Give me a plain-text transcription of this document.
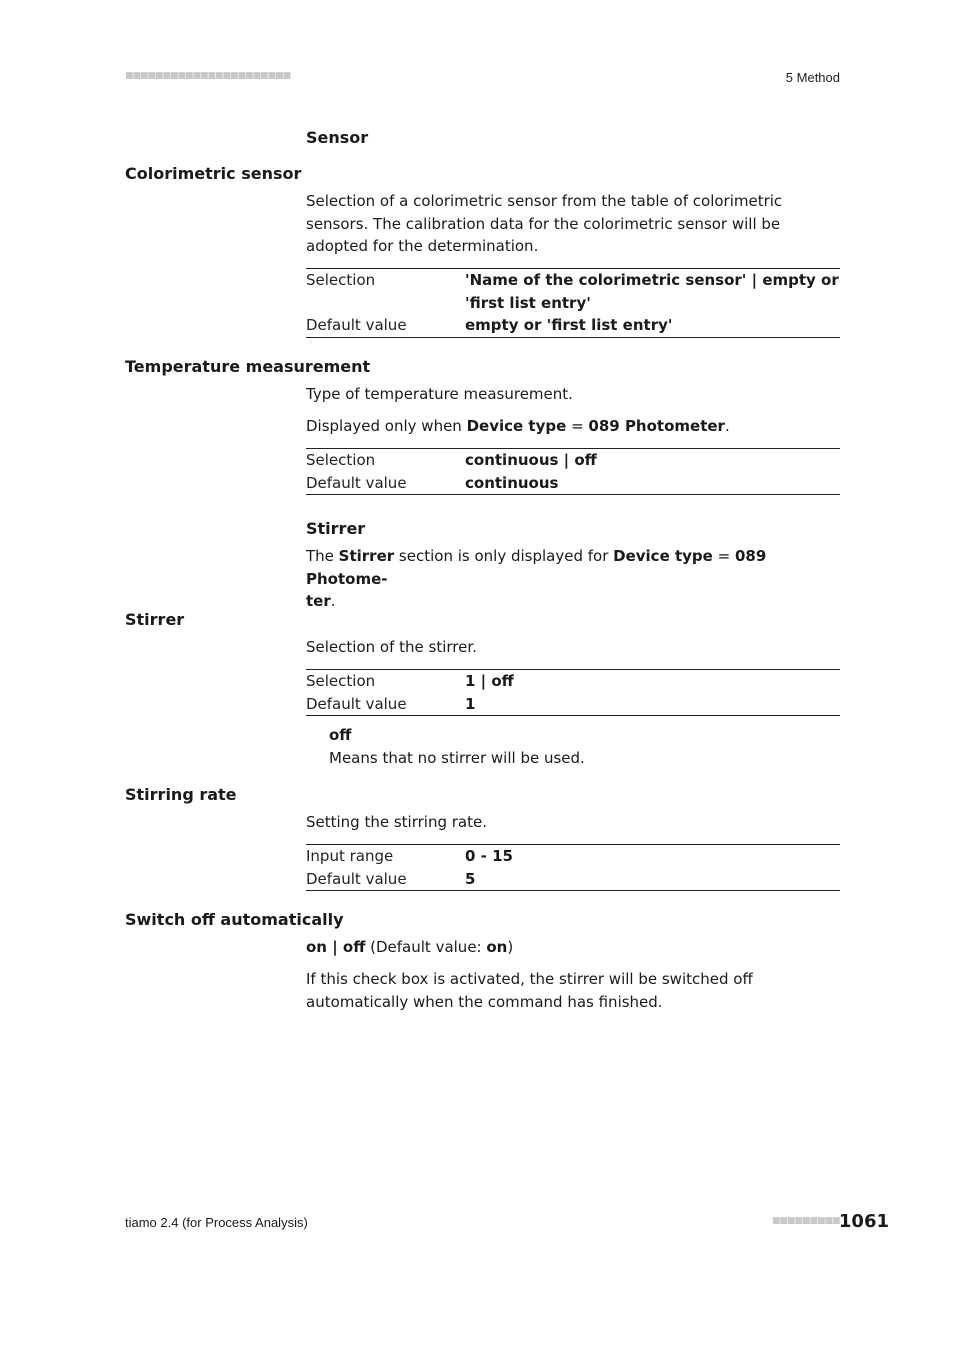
■■■■■■■■■■■■■■■■■■■■■■	5 Method
Sensor
Colorimetric sensor
Selection of a colorimetric sensor from the table of colorimetric sensors. The calibration data for the colorimetric sensor will be adopted for the determination.
Selection	'Name of the colorimetric sensor' | empty or
'first list entry'
Default value	empty or 'first list entry'
Temperature measurement
Type of temperature measurement.
Displayed only when Device type = 089 Photometer.
Selection	continuous | off
Default value	continuous
Stirrer
The Stirrer section is only displayed for Device type = 089 Photome-
ter.
Stirrer
Selection of the stirrer.
Selection	1 | off
Default value	1
off
Means that no stirrer will be used.
Stirring rate
Setting the stirring rate.
Input range	0 - 15
Default value	5
Switch off automatically
on | off (Default value: on)
If this check box is activated, the stirrer will be switched off automatically when the command has finished.
tiamo 2.4 (for Process Analysis)	■■■■■■■■■ 1061
